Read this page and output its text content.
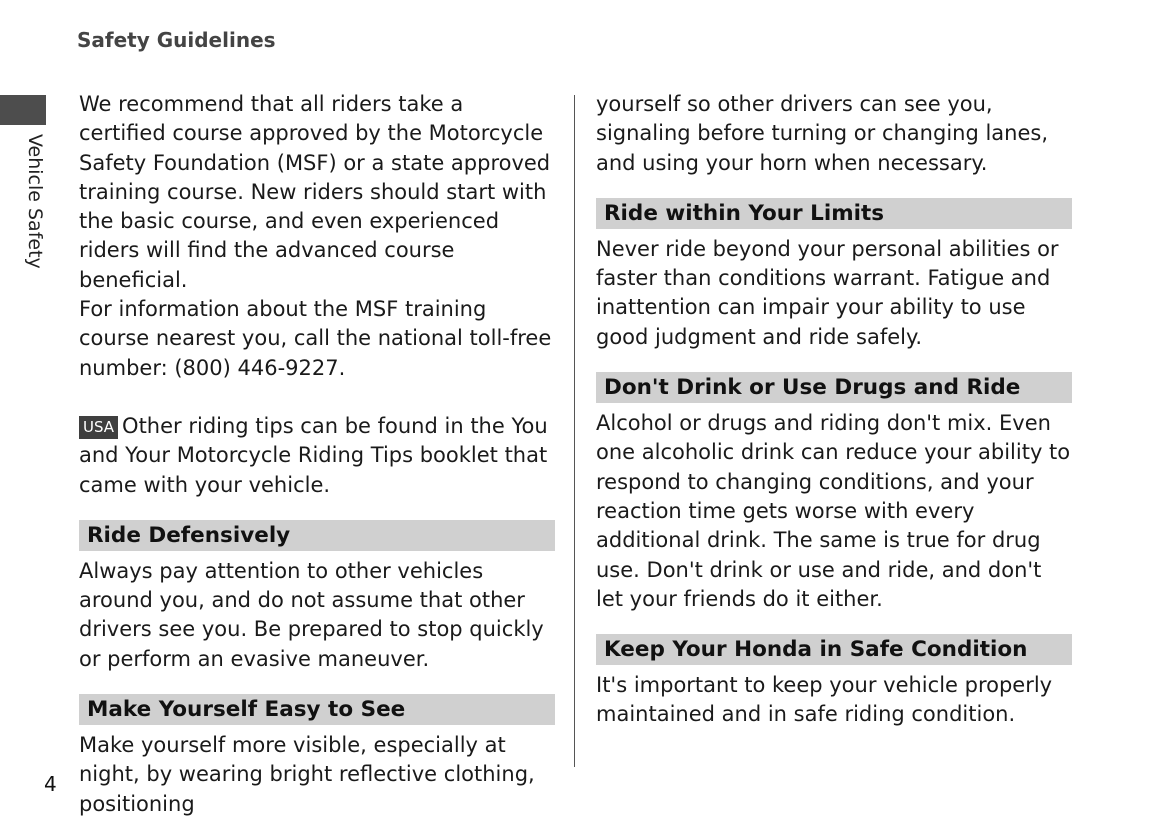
Safety Guidelines
Vehicle Safety

We recommend that all riders take a certified course approved by the Motorcycle Safety Foundation (MSF) or a state approved training course. New riders should start with the basic course, and even experienced riders will find the advanced course beneficial.

For information about the MSF training course nearest you, call the national toll-free number: (800) 446-9227.

USA Other riding tips can be found in the You and Your Motorcycle Riding Tips booklet that came with your vehicle.

Ride Defensively

Always pay attention to other vehicles around you, and do not assume that other drivers see you. Be prepared to stop quickly or perform an evasive maneuver.

Make Yourself Easy to See

Make yourself more visible, especially at night, by wearing bright reflective clothing, positioning

yourself so other drivers can see you, signaling before turning or changing lanes, and using your horn when necessary.

Ride within Your Limits

Never ride beyond your personal abilities or faster than conditions warrant. Fatigue and inattention can impair your ability to use good judgment and ride safely.

Don't Drink or Use Drugs and Ride

Alcohol or drugs and riding don't mix. Even one alcoholic drink can reduce your ability to respond to changing conditions, and your reaction time gets worse with every additional drink. The same is true for drug use. Don't drink or use and ride, and don't let your friends do it either.

Keep Your Honda in Safe Condition

It's important to keep your vehicle properly maintained and in safe riding condition.

4
